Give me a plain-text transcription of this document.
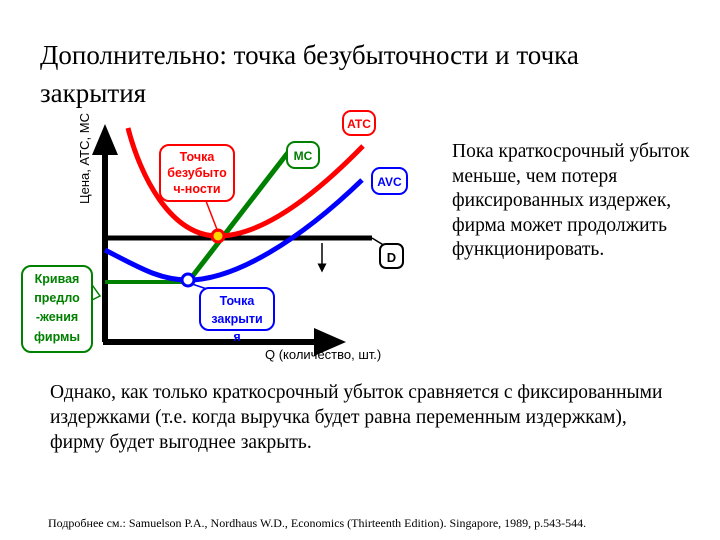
Дополнительно: точка безубыточности и точка закрытия
Цена, ATC, MC
Q (количество, шт.)
D
ATC
MC
AVC
Точка
безубыто
ч-ности
Точка
закрыти
я
Кривая
предло
-жения
фирмы
Пока краткосрочный убыток меньше, чем потеря фиксированных издержек, фирма может продолжить функционировать.
Однако, как только краткосрочный убыток сравняется с фиксированными издержками (т.е. когда выручка будет равна переменным издержкам), фирму будет выгоднее закрыть.
Подробнее см.: Samuelson P.A., Nordhaus W.D., Economics (Thirteenth Edition). Singapore, 1989, p.543-544.
